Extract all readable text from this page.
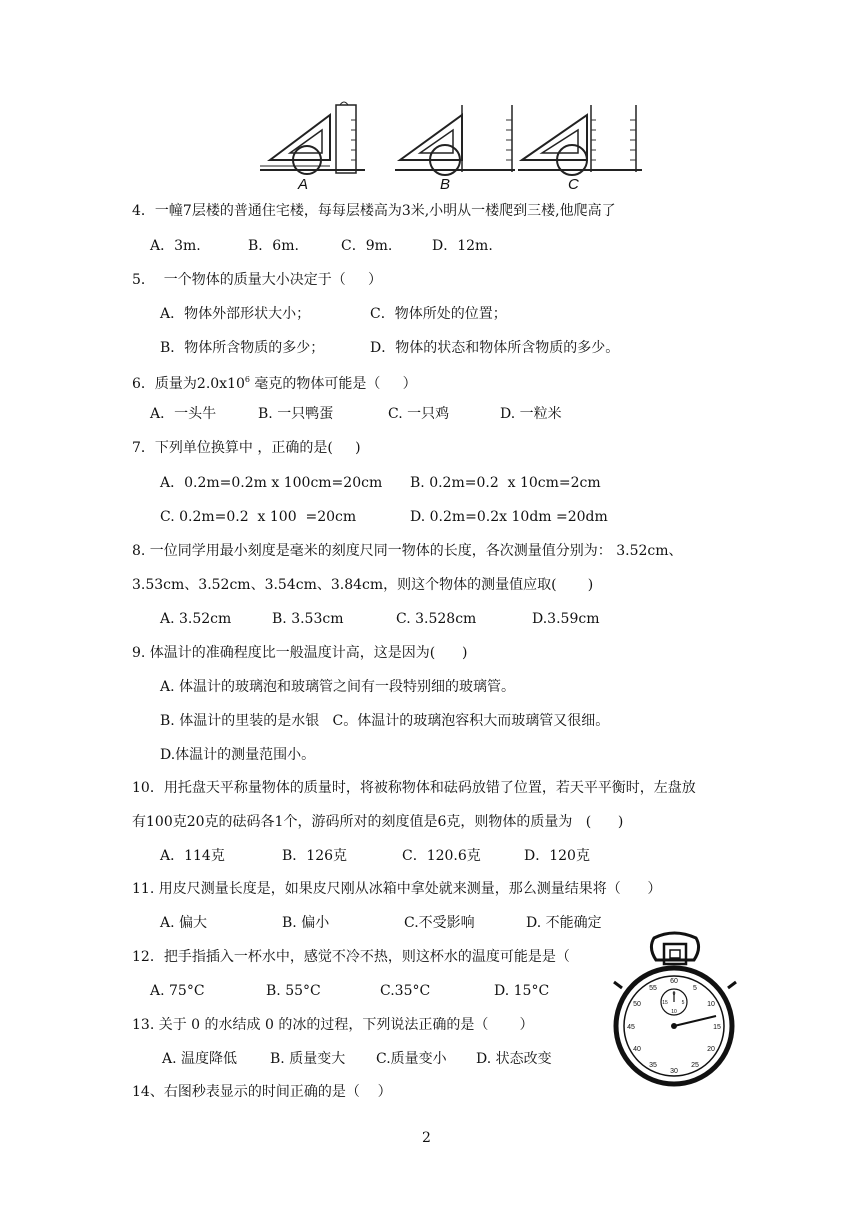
A	B	C
4．一幢7层楼的普通住宅楼，每每层楼高为3米,小明从一楼爬到三楼,他爬高了
A．3m.	B．6m.	C．9m.	D．12m.
5．  一个物体的质量大小决定于（     ）
A．物体外部形状大小；	C．物体所处的位置；
B．物体所含物质的多少；	D．物体的状态和物体所含物质的多少。
6．质量为$2.0x10^6$ 毫克的物体可能是（     ）
A．一头牛	B. 一只鸭蛋	C. 一只鸡	D. 一粒米
7．下列单位换算中 ，正确的是(     )
A．0.2m=0.2m x 100cm=20cm B. 0.2m=0.2  x 10cm=2cm
C. 0.2m=0.2  x 100  =20cm	D. 0.2m=0.2x 10dm =20dm
8. 一位同学用最小刻度是毫米的刻度尺同一物体的长度，各次测量值分别为： 3.52cm、
3.53cm、3.52cm、3.54cm、3.84cm，则这个物体的测量值应取(       )
A. 3.52cm	B. 3.53cm	C. 3.528cm	D.3.59cm
9. 体温计的准确程度比一般温度计高，这是因为(      )
A. 体温计的玻璃泡和玻璃管之间有一段特别细的玻璃管。
B. 体温计的里装的是水银   C。体温计的玻璃泡容积大而玻璃管又很细。
D.体温计的测量范围小。
10．用托盘天平称量物体的质量时，将被称物体和砝码放错了位置，若天平平衡时，左盘放
有100克20克的砝码各1个，游码所对的刻度值是6克，则物体的质量为   (      )
A．114克	B．126克	C．120.6克	D．120克
11. 用皮尺测量长度是，如果皮尺刚从冰箱中拿处就来测量，那么测量结果将（      ）
A. 偏大	B. 偏小	C.不受影响	D. 不能确定
12．把手指插入一杯水中，感觉不冷不热，则这杯水的温度可能是是（
A. 75°C	B. 55°C	C.35°C	D. 15°C
13. 关于 0 的水结成 0 的冰的过程，下列说法正确的是（       ）
A. 温度降低 B. 质量变大 C.质量变小 D. 状态改变
14、右图秒表显示的时间正确的是（    ）
60
5
10
15
20
25
30
35
40
45
50
55
0
5
10
15
2
